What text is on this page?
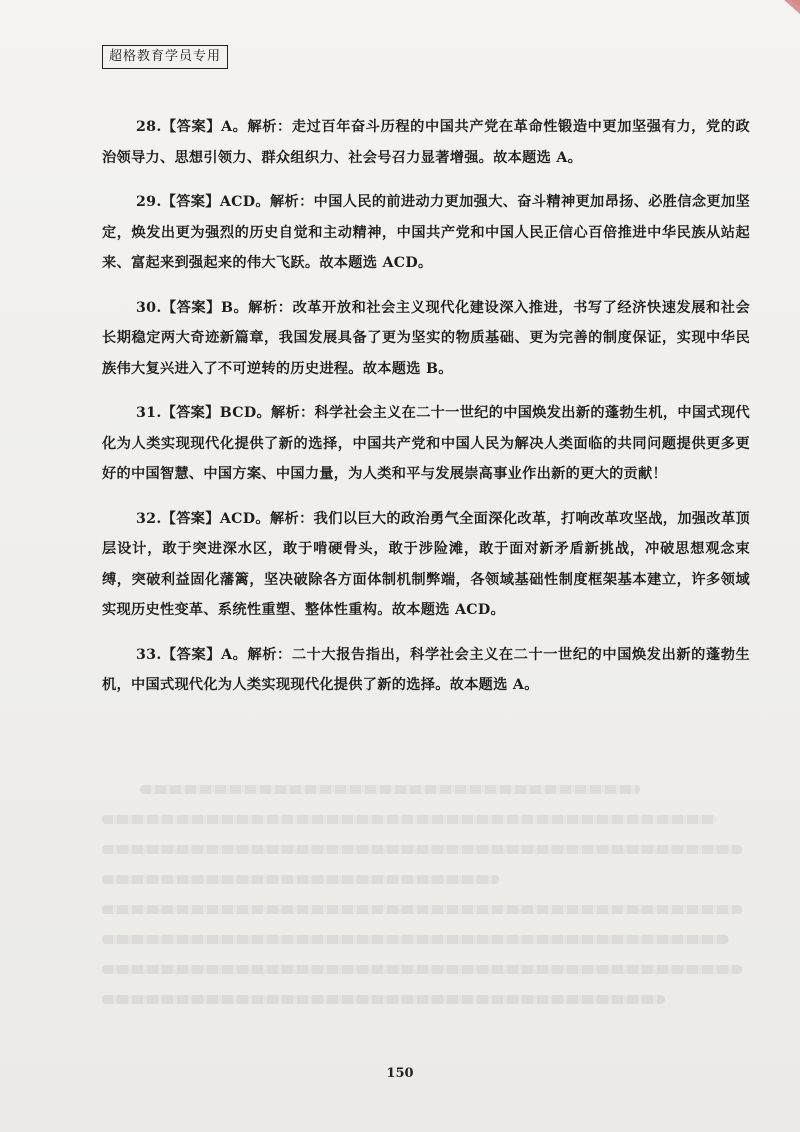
超格教育学员专用

28.【答案】A。解析：走过百年奋斗历程的中国共产党在革命性锻造中更加坚强有力，党的政治领导力、思想引领力、群众组织力、社会号召力显著增强。故本题选 A。

29.【答案】ACD。解析：中国人民的前进动力更加强大、奋斗精神更加昂扬、必胜信念更加坚定，焕发出更为强烈的历史自觉和主动精神，中国共产党和中国人民正信心百倍推进中华民族从站起来、富起来到强起来的伟大飞跃。故本题选 ACD。

30.【答案】B。解析：改革开放和社会主义现代化建设深入推进，书写了经济快速发展和社会长期稳定两大奇迹新篇章，我国发展具备了更为坚实的物质基础、更为完善的制度保证，实现中华民族伟大复兴进入了不可逆转的历史进程。故本题选 B。

31.【答案】BCD。解析：科学社会主义在二十一世纪的中国焕发出新的蓬勃生机，中国式现代化为人类实现现代化提供了新的选择，中国共产党和中国人民为解决人类面临的共同问题提供更多更好的中国智慧、中国方案、中国力量，为人类和平与发展崇高事业作出新的更大的贡献！

32.【答案】ACD。解析：我们以巨大的政治勇气全面深化改革，打响改革攻坚战，加强改革顶层设计，敢于突进深水区，敢于啃硬骨头，敢于涉险滩，敢于面对新矛盾新挑战，冲破思想观念束缚，突破利益固化藩篱，坚决破除各方面体制机制弊端，各领域基础性制度框架基本建立，许多领域实现历史性变革、系统性重塑、整体性重构。故本题选 ACD。

33.【答案】A。解析：二十大报告指出，科学社会主义在二十一世纪的中国焕发出新的蓬勃生机，中国式现代化为人类实现现代化提供了新的选择。故本题选 A。

150
